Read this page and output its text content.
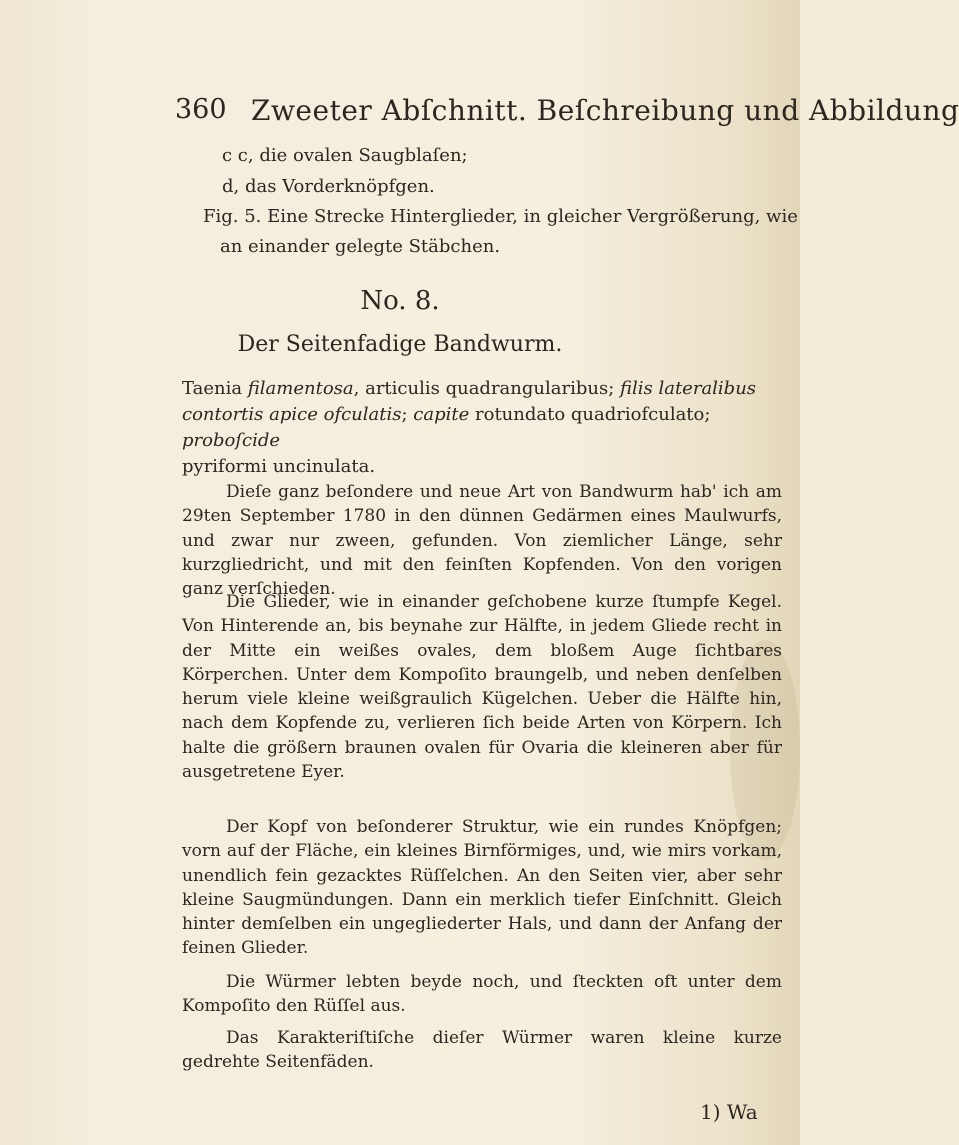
360 Zweeter Abſchnitt. Beſchreibung und Abbildung
c c, die ovalen Saugblaſen;
d, das Vorderknöpfgen.
Fig. 5. Eine Strecke Hinterglieder, in gleicher Vergrößerung, wie
an einander gelegte Stäbchen.
No. 8.
Der Seitenfadige Bandwurm.
Taenia filamentosa, articulis quadrangularibus; filis lateralibus
contortis apice ofculatis; capite rotundato quadriofculato; proboſcide
pyriformi uncinulata.

Dieſe ganz beſondere und neue Art von Bandwurm hab' ich am 29ten September 1780 in den dünnen Gedärmen eines Maulwurfs, und zwar nur zween, gefunden. Von ziemlicher Länge, sehr kurzgliedricht, und mit den feinſten Kopfenden. Von den vorigen ganz verſchieden.

Die Glieder, wie in einander geſchobene kurze ſtumpfe Kegel. Von Hinterende an, bis beynahe zur Hälfte, in jedem Gliede recht in der Mitte ein weißes ovales, dem bloßem Auge ſichtbares Körperchen. Unter dem Kompoſito braungelb, und neben denſelben herum viele kleine weißgraulich Kügelchen. Ueber die Hälfte hin, nach dem Kopfende zu, verlieren ſich beide Arten von Körpern. Ich halte die größern braunen ovalen für Ovaria die kleineren aber für ausgetretene Eyer.

Der Kopf von beſonderer Struktur, wie ein rundes Knöpfgen; vorn auf der Fläche, ein kleines Birnförmiges, und, wie mirs vorkam, unendlich fein gezacktes Rüſſelchen. An den Seiten vier, aber sehr kleine Saugmündungen. Dann ein merklich tiefer Einſchnitt. Gleich hinter demſelben ein ungegliederter Hals, und dann der Anfang der feinen Glieder.

Die Würmer lebten beyde noch, und ſteckten oft unter dem Kompoſito den Rüſſel aus.

Das Karakteriſtiſche dieſer Würmer waren kleine kurze gedrehte Seitenfäden.

1) Wa
